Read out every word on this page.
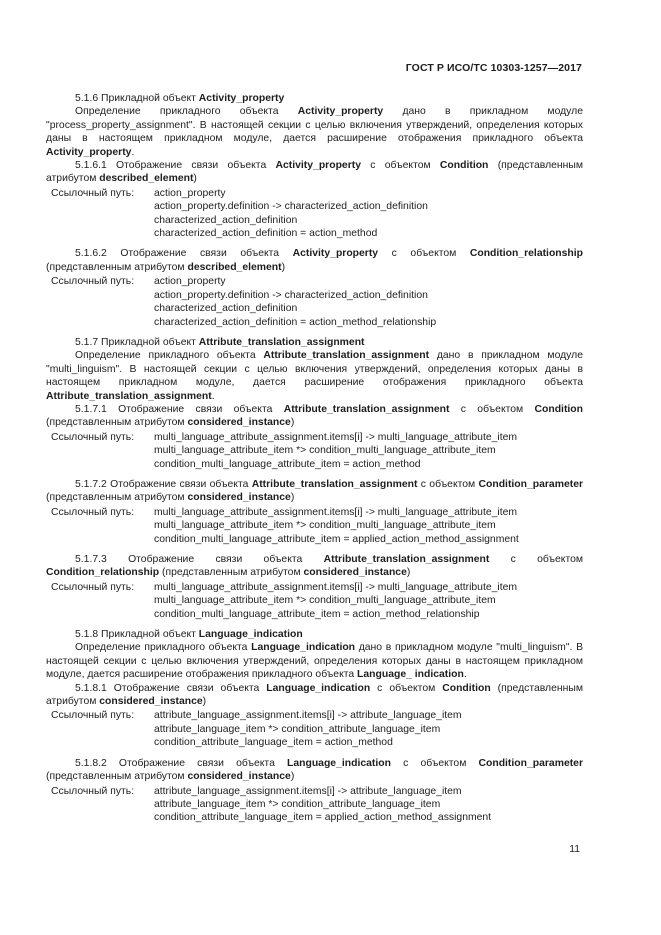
ГОСТ Р ИСО/ТС 10303-1257—2017

5.1.6 Прикладной объект Activity_property

Определение прикладного объекта Activity_property дано в прикладном модуле "process_property_assignment". В настоящей секции с целью включения утверждений, определения которых даны в настоящем прикладном модуле, дается расширение отображения прикладного объекта Activity_property.

5.1.6.1 Отображение связи объекта Activity_property с объектом Condition (представленным атрибутом described_element)

Ссылочный путь:	action_property
action_property.definition -> characterized_action_definition
characterized_action_definition
characterized_action_definition = action_method

5.1.6.2 Отображение связи объекта Activity_property с объектом Condition_relationship (представленным атрибутом described_element)

Ссылочный путь:	action_property
action_property.definition -> characterized_action_definition
characterized_action_definition
characterized_action_definition = action_method_relationship

5.1.7 Прикладной объект Attribute_translation_assignment

Определение прикладного объекта Attribute_translation_assignment дано в прикладном модуле "multi_linguism". В настоящей секции с целью включения утверждений, определения которых даны в настоящем прикладном модуле, дается расширение отображения прикладного объекта Attribute_translation_assignment.

5.1.7.1 Отображение связи объекта Attribute_translation_assignment с объектом Condition (представленным атрибутом considered_instance)

Ссылочный путь:	multi_language_attribute_assignment.items[i] -> multi_language_attribute_item
multi_language_attribute_item *> condition_multi_language_attribute_item
condition_multi_language_attribute_item = action_method

5.1.7.2 Отображение связи объекта Attribute_translation_assignment с объектом Condition_parameter (представленным атрибутом considered_instance)

Ссылочный путь:	multi_language_attribute_assignment.items[i] -> multi_language_attribute_item
multi_language_attribute_item *> condition_multi_language_attribute_item
condition_multi_language_attribute_item = applied_action_method_assignment

5.1.7.3 Отображение связи объекта Attribute_translation_assignment с объектом Condition_relationship (представленным атрибутом considered_instance)

Ссылочный путь:	multi_language_attribute_assignment.items[i] -> multi_language_attribute_item
multi_language_attribute_item *> condition_multi_language_attribute_item
condition_multi_language_attribute_item = action_method_relationship

5.1.8 Прикладной объект Language_indication

Определение прикладного объекта Language_indication дано в прикладном модуле "multi_linguism". В настоящей секции с целью включения утверждений, определения которых даны в настоящем прикладном модуле, дается расширение отображения прикладного объекта Language_ indication.

5.1.8.1 Отображение связи объекта Language_indication с объектом Condition (представленным атрибутом considered_instance)

Ссылочный путь:	attribute_language_assignment.items[i] -> attribute_language_item
attribute_language_item *> condition_attribute_language_item
condition_attribute_language_item = action_method

5.1.8.2 Отображение связи объекта Language_indication с объектом Condition_parameter (представленным атрибутом considered_instance)

Ссылочный путь:	attribute_language_assignment.items[i] -> attribute_language_item
attribute_language_item *> condition_attribute_language_item
condition_attribute_language_item = applied_action_method_assignment
11
